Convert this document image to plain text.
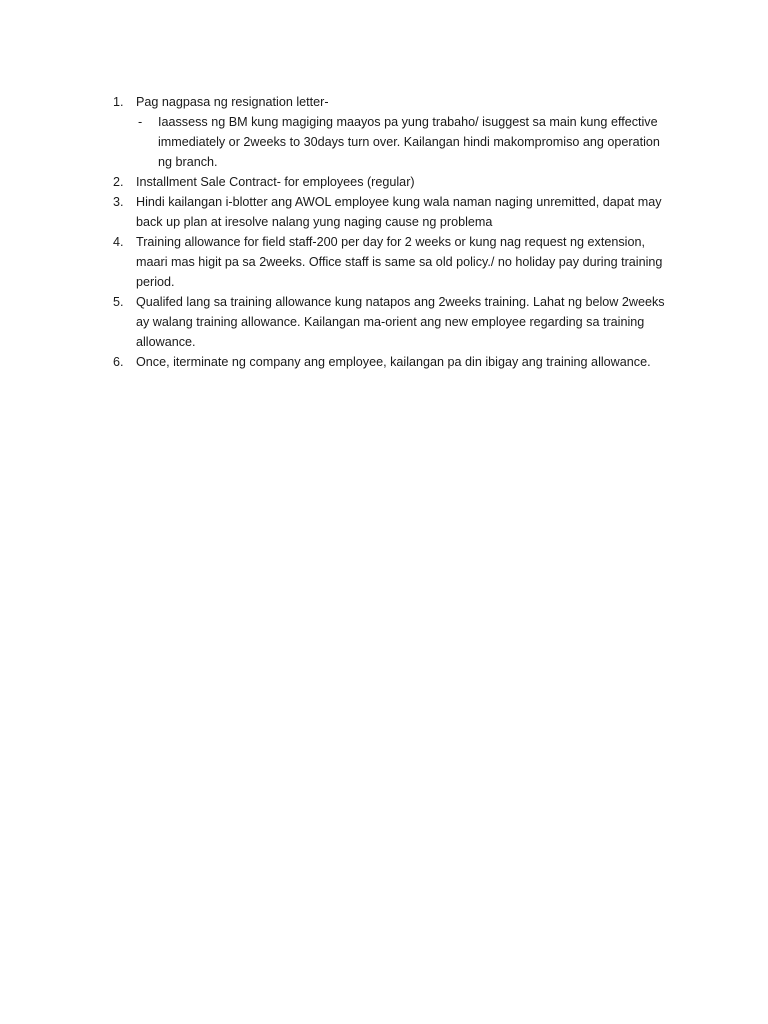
1. Pag nagpasa ng resignation letter-
- Iaassess ng BM kung magiging maayos pa yung trabaho/ isuggest sa main kung effective immediately or 2weeks to 30days turn over. Kailangan hindi makompromiso ang operation ng branch.
2. Installment Sale Contract- for employees (regular)
3. Hindi kailangan i-blotter ang AWOL employee kung wala naman naging unremitted, dapat may back up plan at iresolve nalang yung naging cause ng problema
4. Training allowance for field staff-200 per day for 2 weeks or kung nag request ng extension, maari mas higit pa sa 2weeks. Office staff is same sa old policy./ no holiday pay during training period.
5. Qualifed lang sa training allowance kung natapos ang 2weeks training. Lahat ng below 2weeks ay walang training allowance. Kailangan ma-orient ang new employee regarding sa training allowance.
6. Once, iterminate ng company ang employee, kailangan pa din ibigay ang training allowance.
